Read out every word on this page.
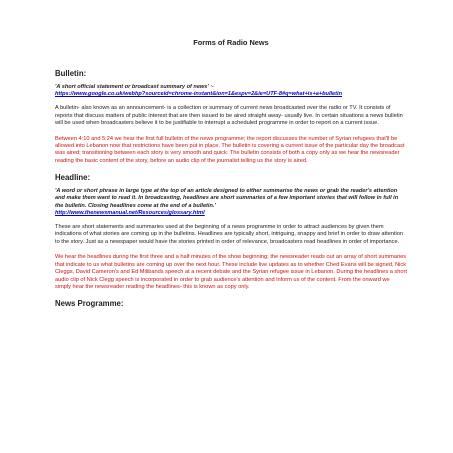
Forms of Radio News
Bulletin:

'A short official statement or broadcast summary of news' ~

https://www.google.co.uk/webhp?sourceid=chrome-instant&ion=1&espv=2&ie=UTF-8#q=what+is+a+bulletin

A bulletin- also known as an announcement- is a collection or summary of current news broadcasted over the radio or TV. It consists of reports that discuss matters of public interest that are then issued to be aired straight away- usually live. In certain situations a news bulletin will be used when broadcasters believe it to be justifiable to interrupt a scheduled programme in order to report on a current issue.

Between 4:10 and 5:24 we hear the first full bulletin of the news programme; the report discusses the number of Syrian refugees that'll be allowed into Lebanon now that restrictions have been put in place. The bulletin is covering a current issue of the particular day the broadcast was aired; transitioning between each story is very smooth and quick. The bulletin consists of both a copy only as we hear the newsreader reading the basic content of the story, before an audio clip of the journalist telling us the story is aired.

Headline:

'A word or short phrase in large type at the top of an article designed to either summarise the news or grab the reader's attention and make them want to read it. In broadcasting, headlines are short summaries of a few important stories that will follow in full in the bulletin. Closing headlines come at the end of a bulletin.'

http://www.thenewsmanual.net/Resources/glossary.html

These are short statements and summaries used at the beginning of a news programme in order to attract audiences by given them indications of what stories are coming up in the bulletins. Headlines are typically short, intriguing, snappy and brief in order to draw attention to the story. Just as a newspaper would have the stories printed in order of relevance, broadcasters read headlines in order of importance.

We hear the headlines during the first three and a half minutes of the show beginning; the newsreader reads out an array of short summaries that indicate to us what bulletins are coming up over the next hour. These include live updates as to whether Ched Evans will be signed, Nick Cleggs, David Cameron's and Ed Milibands speech at a recent debate and the Syrian refugee issue in Lebanon. During the headlines a short audio clip of Nick Clegg speech is incorporated in order to grab audience's attention and inform us of the content. From the onward we simply hear the newsreader reading the headlines- this is known as copy only.

News Programme:
